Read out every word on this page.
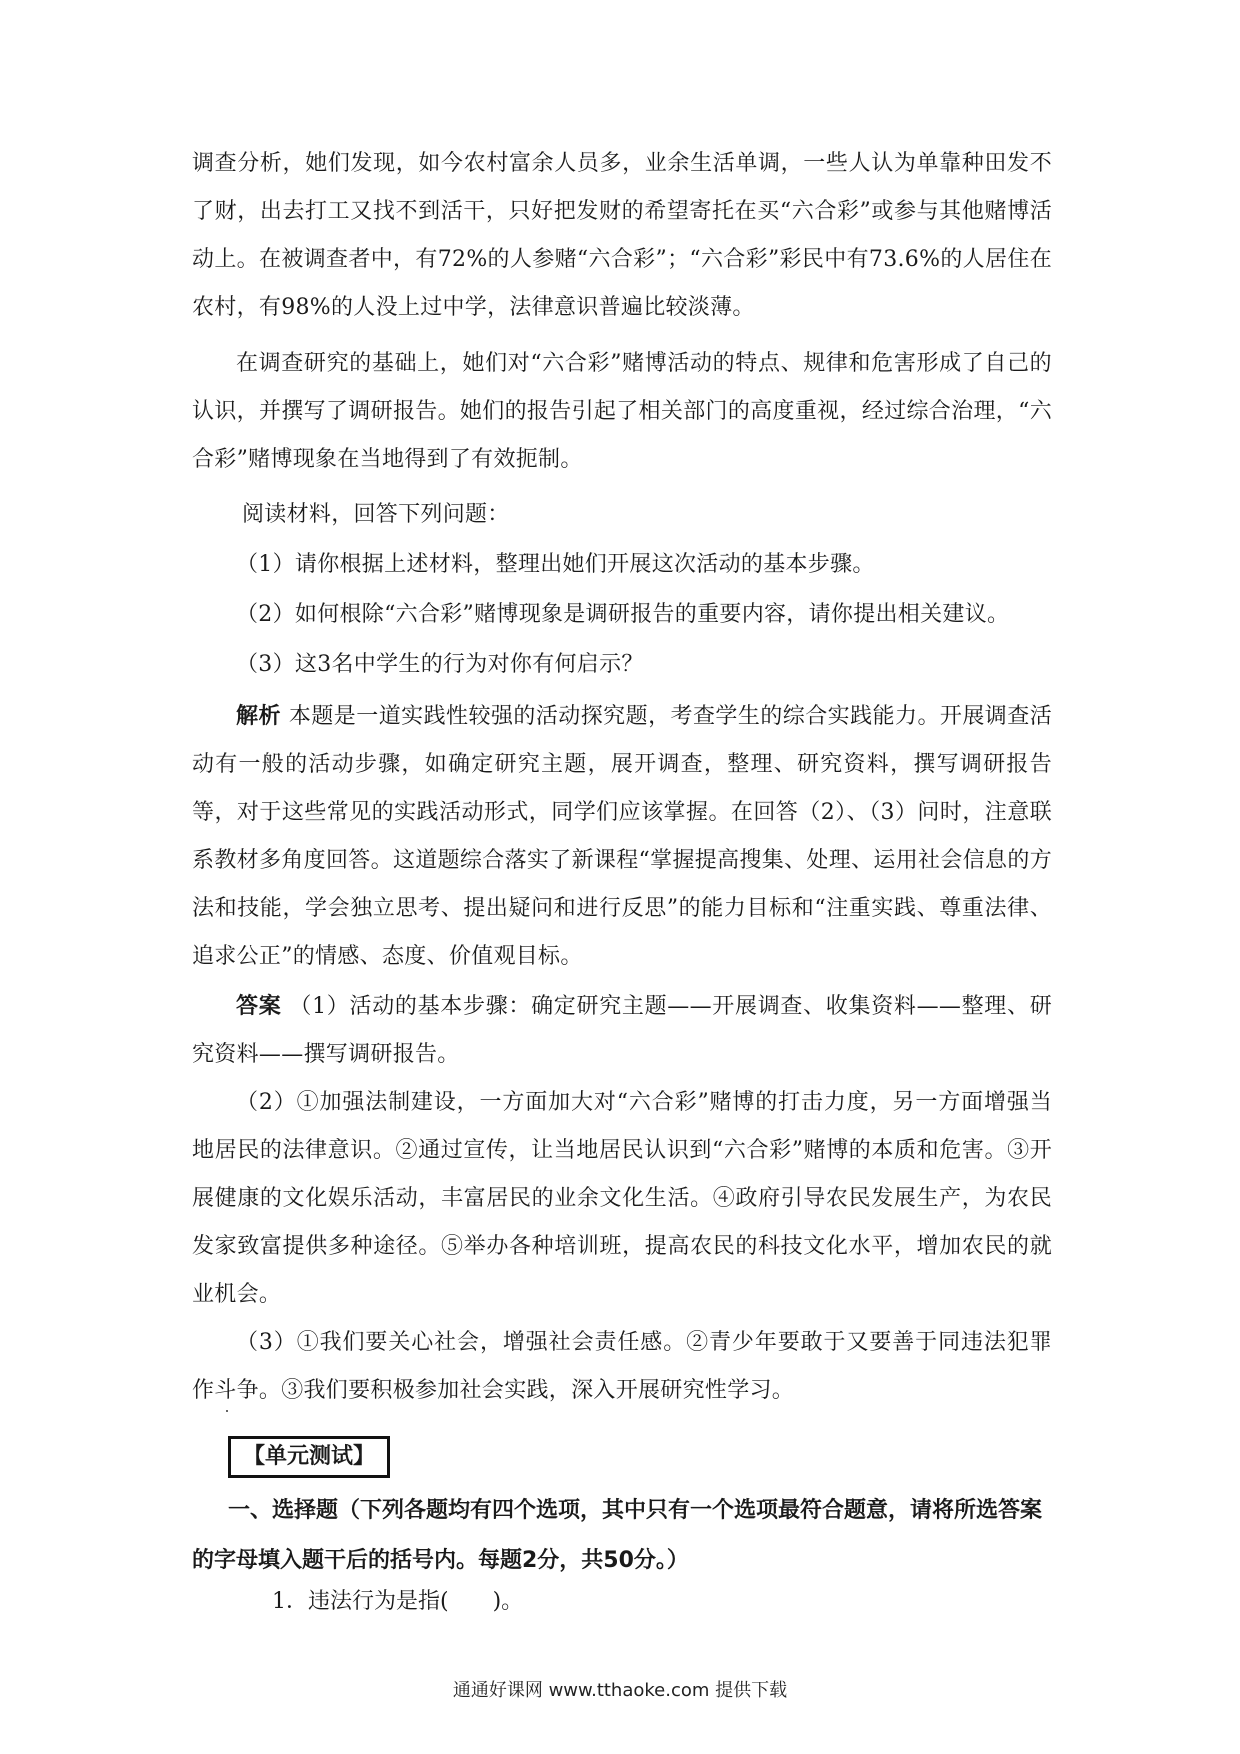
调查分析，她们发现，如今农村富余人员多，业余生活单调，一些人认为单靠种田发不了财，出去打工又找不到活干，只好把发财的希望寄托在买“六合彩”或参与其他赌博活动上。在被调查者中，有72%的人参赌“六合彩”；“六合彩”彩民中有73.6%的人居住在农村，有98%的人没上过中学，法律意识普遍比较淡薄。

在调查研究的基础上，她们对“六合彩”赌博活动的特点、规律和危害形成了自己的认识，并撰写了调研报告。她们的报告引起了相关部门的高度重视，经过综合治理，“六合彩”赌博现象在当地得到了有效扼制。

阅读材料，回答下列问题：

（1）请你根据上述材料，整理出她们开展这次活动的基本步骤。

（2）如何根除“六合彩”赌博现象是调研报告的重要内容，请你提出相关建议。

（3）这3名中学生的行为对你有何启示？

解析 本题是一道实践性较强的活动探究题，考查学生的综合实践能力。开展调查活动有一般的活动步骤，如确定研究主题，展开调查，整理、研究资料，撰写调研报告等，对于这些常见的实践活动形式，同学们应该掌握。在回答（2）、（3）问时，注意联系教材多角度回答。这道题综合落实了新课程“掌握提高搜集、处理、运用社会信息的方法和技能，学会独立思考、提出疑问和进行反思”的能力目标和“注重实践、尊重法律、追求公正”的情感、态度、价值观目标。

答案 （1）活动的基本步骤：确定研究主题——开展调查、收集资料——整理、研究资料——撰写调研报告。

（2）①加强法制建设，一方面加大对“六合彩”赌博的打击力度，另一方面增强当地居民的法律意识。②通过宣传，让当地居民认识到“六合彩”赌博的本质和危害。③开展健康的文化娱乐活动，丰富居民的业余文化生活。④政府引导农民发展生产，为农民发家致富提供多种途径。⑤举办各种培训班，提高农民的科技文化水平，增加农民的就业机会。

（3）①我们要关心社会，增强社会责任感。②青少年要敢于又要善于同违法犯罪作斗争。③我们要积极参加社会实践，深入开展研究性学习。

【单元测试】

一、选择题（下列各题均有四个选项，其中只有一个选项最符合题意，请将所选答案的字母填入题干后的括号内。每题2分，共50分。）

1．违法行为是指(　　)。
通通好课网 www.tthaoke.com 提供下载
